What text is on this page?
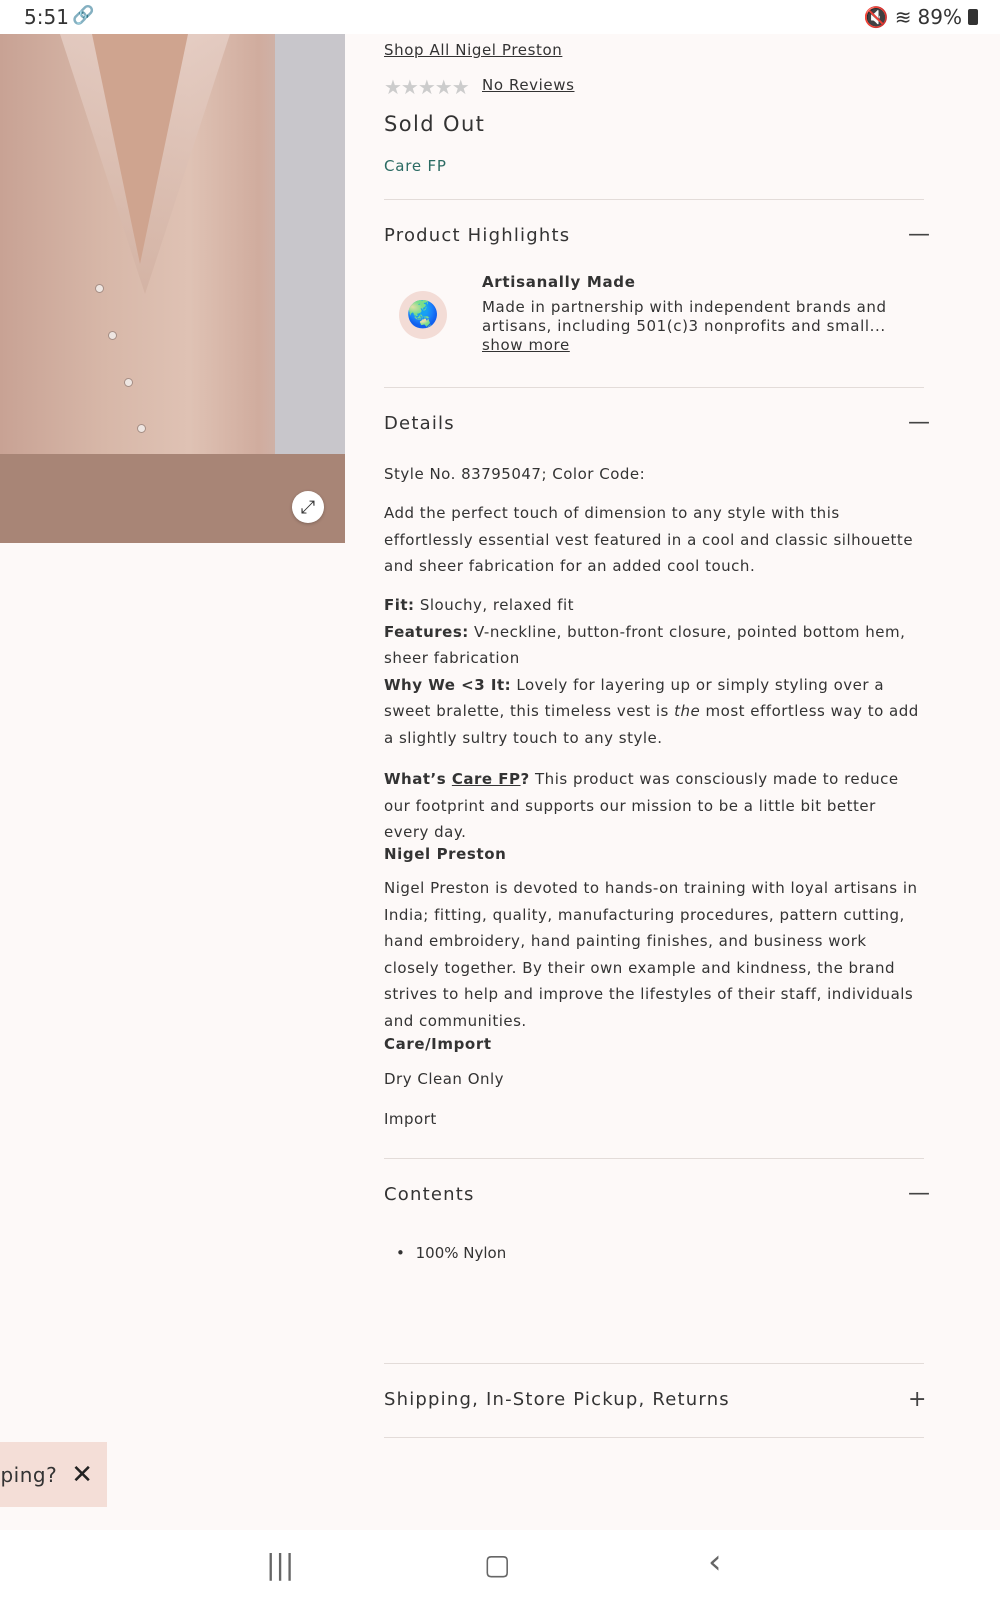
5:51 🔗	🔇 ≋ 89%
⤢
Shop All Nigel Preston
★★★★★ No Reviews
Sold Out
Care FP
Product Highlights	—
🌏
Artisanally Made
Made in partnership with independent brands and
artisans, including 501(c)3 nonprofits and small...
show more
Details	—
Style No. 83795047; Color Code:
Add the perfect touch of dimension to any style with this effortlessly essential vest featured in a cool and classic silhouette and sheer fabrication for an added cool touch.
Fit: Slouchy, relaxed fit
Features: V-neckline, button-front closure, pointed bottom hem, sheer fabrication
Why We <3 It: Lovely for layering up or simply styling over a sweet bralette, this timeless vest is the most effortless way to add a slightly sultry touch to any style.
What’s Care FP? This product was consciously made to reduce our footprint and supports our mission to be a little bit better every day.
Nigel Preston
Nigel Preston is devoted to hands-on training with loyal artisans in India; fitting, quality, manufacturing procedures, pattern cutting, hand embroidery, hand painting finishes, and business work closely together. By their own example and kindness, the brand strives to help and improve the lifestyles of their staff, individuals and communities.
Care/Import
Dry Clean Only
Import
Contents	—
• 100% Nylon
Shipping, In-Store Pickup, Returns	+
ping? ✕
|||	▢	‹
